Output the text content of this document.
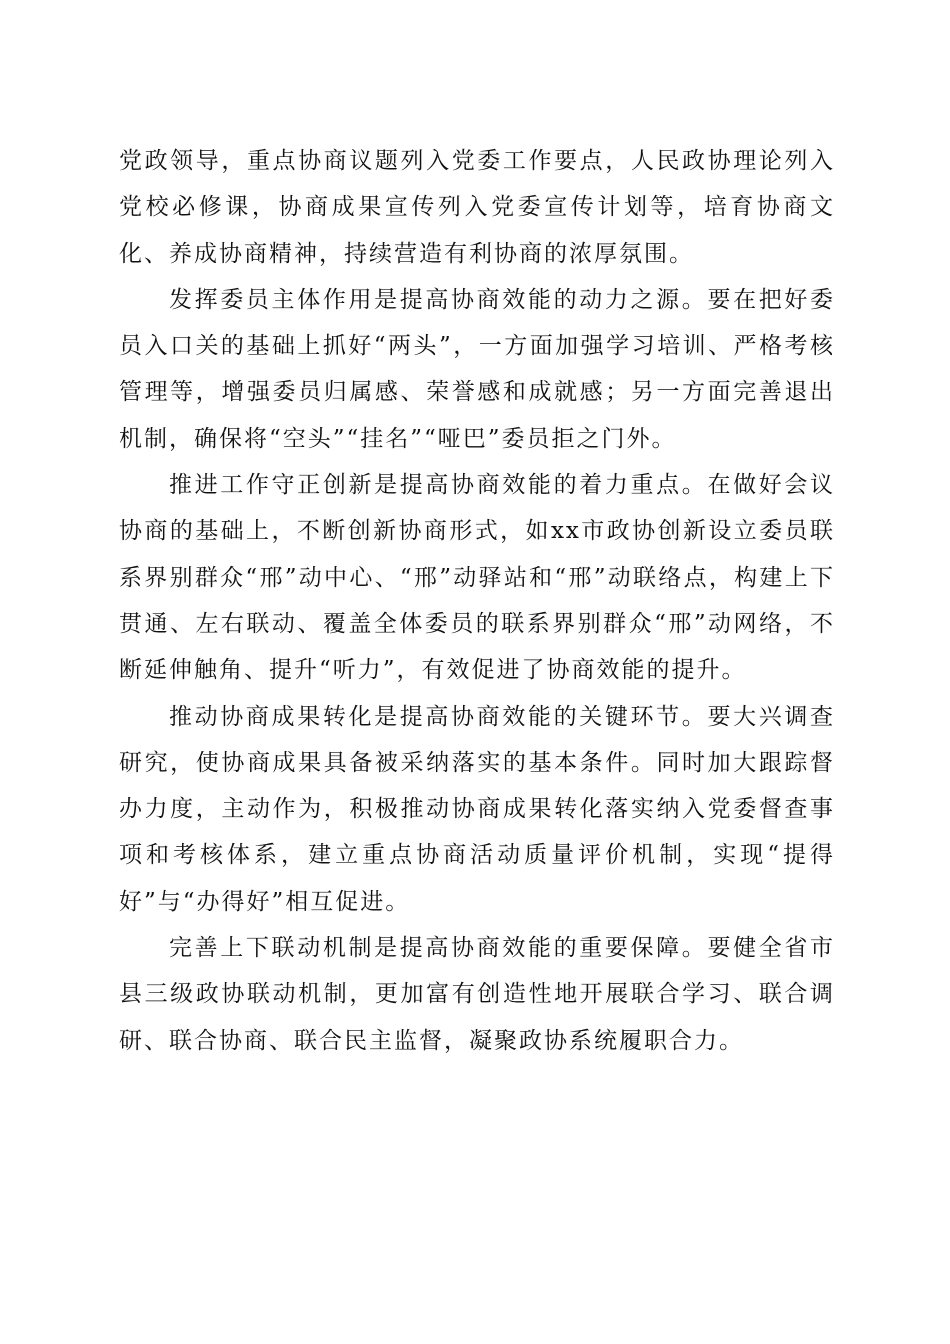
党政领导，重点协商议题列入党委工作要点，人民政协理论列入党校必修课，协商成果宣传列入党委宣传计划等，培育协商文化、养成协商精神，持续营造有利协商的浓厚氛围。

发挥委员主体作用是提高协商效能的动力之源。要在把好委员入口关的基础上抓好“两头”，一方面加强学习培训、严格考核管理等，增强委员归属感、荣誉感和成就感；另一方面完善退出机制，确保将“空头”“挂名”“哑巴”委员拒之门外。

推进工作守正创新是提高协商效能的着力重点。在做好会议协商的基础上，不断创新协商形式，如xx市政协创新设立委员联系界别群众“邢”动中心、“邢”动驿站和“邢”动联络点，构建上下贯通、左右联动、覆盖全体委员的联系界别群众“邢”动网络，不断延伸触角、提升“听力”，有效促进了协商效能的提升。

推动协商成果转化是提高协商效能的关键环节。要大兴调查研究，使协商成果具备被采纳落实的基本条件。同时加大跟踪督办力度，主动作为，积极推动协商成果转化落实纳入党委督查事项和考核体系，建立重点协商活动质量评价机制，实现“提得好”与“办得好”相互促进。

完善上下联动机制是提高协商效能的重要保障。要健全省市县三级政协联动机制，更加富有创造性地开展联合学习、联合调研、联合协商、联合民主监督，凝聚政协系统履职合力。
